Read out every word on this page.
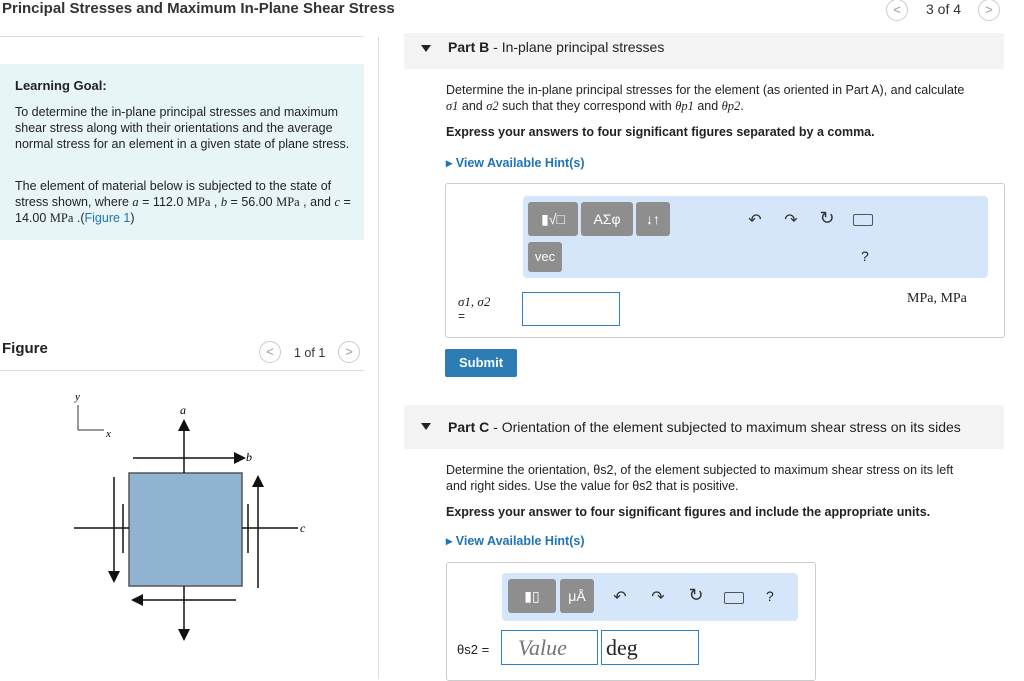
Principal Stresses and Maximum In-Plane Shear Stress	<	3 of 4	>

Learning Goal:

To determine the in-plane principal stresses and maximum shear stress along with their orientations and the average normal stress for an element in a given state of plane stress.

The element of material below is subjected to the state of stress shown, where a = 112.0 MPa , b = 56.00 MPa , and c = 14.00 MPa .(Figure 1)

Figure	<	1 of 1	>
y
x
a
b
c
Part B - In-plane principal stresses
Determine the in-plane principal stresses for the element (as oriented in Part A), and calculate
σ1 and σ2 such that they correspond with θp1 and θp2.
Express your answers to four significant figures separated by a comma.
▸ View Available Hint(s)
▮√□	AΣφ	↓↑
vec
↶ ↷ ↻
?
σ1, σ2
=
MPa, MPa
Submit
Part C - Orientation of the element subjected to maximum shear stress on its sides
Determine the orientation, θs2, of the element subjected to maximum shear stress on its left
and right sides. Use the value for θs2 that is positive.
Express your answer to four significant figures and include the appropriate units.
▸ View Available Hint(s)
▮▯	μÅ	↶ ↷ ↻	?
θs2 =
Value	deg
